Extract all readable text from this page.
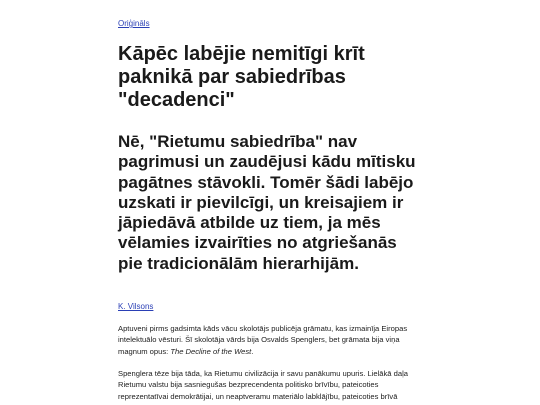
Oriģināls
Kāpēc labējie nemitīgi krīt paknikā par sabiedrības "decadenci"
Nē, "Rietumu sabiedrība" nav pagrimusi un zaudējusi kādu mītisku pagātnes stāvokli. Tomēr šādi labējo uzskati ir pievilcīgi, un kreisajiem ir jāpiedāvā atbilde uz tiem, ja mēs vēlamies izvairīties no atgriešanās pie tradicionālām hierarhijām.
K. Vilsons

Aptuveni pirms gadsimta kāds vācu skolotājs publicēja grāmatu, kas izmainīja Eiropas intelektuālo vēsturi. Šī skolotāja vārds bija Osvalds Spenglers, bet grāmata bija viņa magnum opus: The Decline of the West.

Spenglera tēze bija tāda, ka Rietumu civilizācija ir savu panākumu upuris. Lielākā daļa Rietumu valstu bija sasniegušas bezprecendenta politisko brīvību, pateicoties reprezentatīvai demokrātijai, un neaptveramu materiālo labklājību, pateicoties brīvā
